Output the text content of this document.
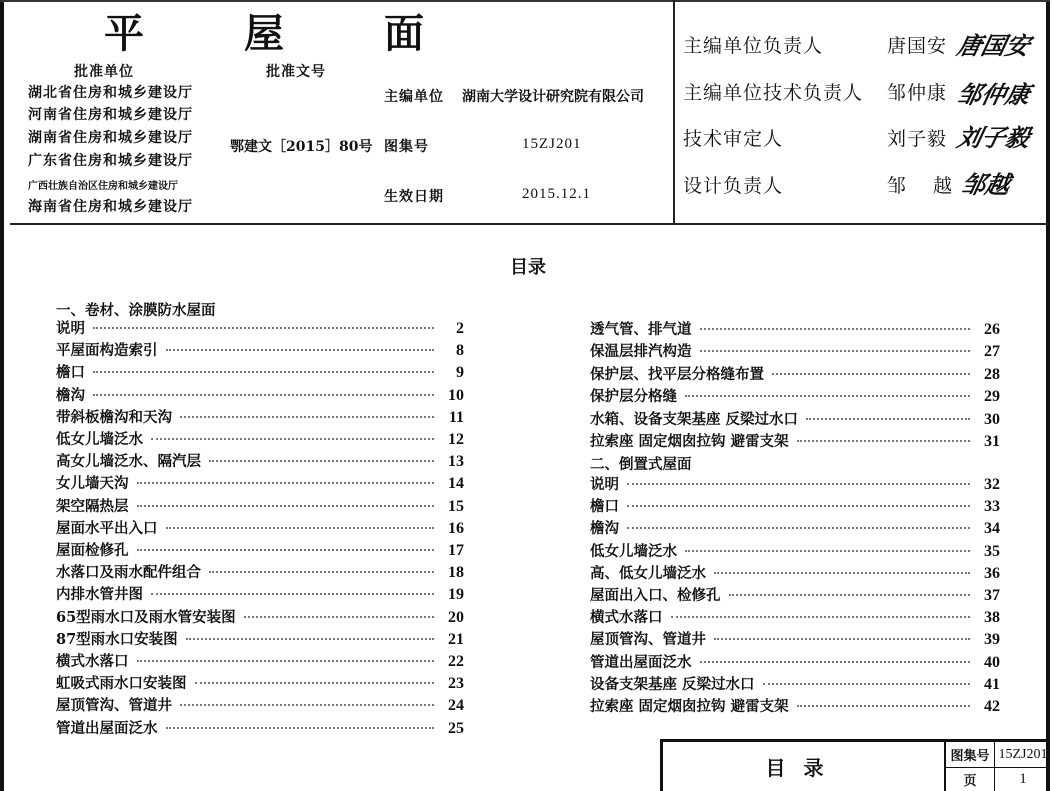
平	屋	面
批准单位
湖北省住房和城乡建设厅
河南省住房和城乡建设厅
湖南省住房和城乡建设厅
广东省住房和城乡建设厅
广西壮族自治区住房和城乡建设厅
海南省住房和城乡建设厅
批准文号
鄂建文［2015］80号
主编单位 湖南大学设计研究院有限公司
图集号	15ZJ201
生效日期	2015.12.1
主编单位负责人	唐国安 唐国安
主编单位技术负责人 邹仲康 邹仲康
技术审定人	刘子毅 刘子毅
设计负责人	邹　越 邹越
目录
一、卷材、涂膜防水屋面
说明	2
平屋面构造索引	8
檐口	9
檐沟	10
带斜板檐沟和天沟	11
低女儿墙泛水	12
高女儿墙泛水、隔汽层	13
女儿墙天沟	14
架空隔热层	15
屋面水平出入口	16
屋面检修孔	17
水落口及雨水配件组合	18
内排水管井图	19
65型雨水口及雨水管安装图	20
87型雨水口安装图	21
横式水落口	22
虹吸式雨水口安装图	23
屋顶管沟、管道井	24
管道出屋面泛水	25
透气管、排气道	26
保温层排汽构造	27
保护层、找平层分格缝布置	28
保护层分格缝	29
水箱、设备支架基座 反梁过水口	30
拉索座 固定烟囱拉钩 避雷支架	31
二、倒置式屋面
说明	32
檐口	33
檐沟	34
低女儿墙泛水	35
高、低女儿墙泛水	36
屋面出入口、检修孔	37
横式水落口	38
屋顶管沟、管道井	39
管道出屋面泛水	40
设备支架基座 反梁过水口	41
拉索座 固定烟囱拉钩 避雷支架	42
目录	图集号 15ZJ201
页	1
